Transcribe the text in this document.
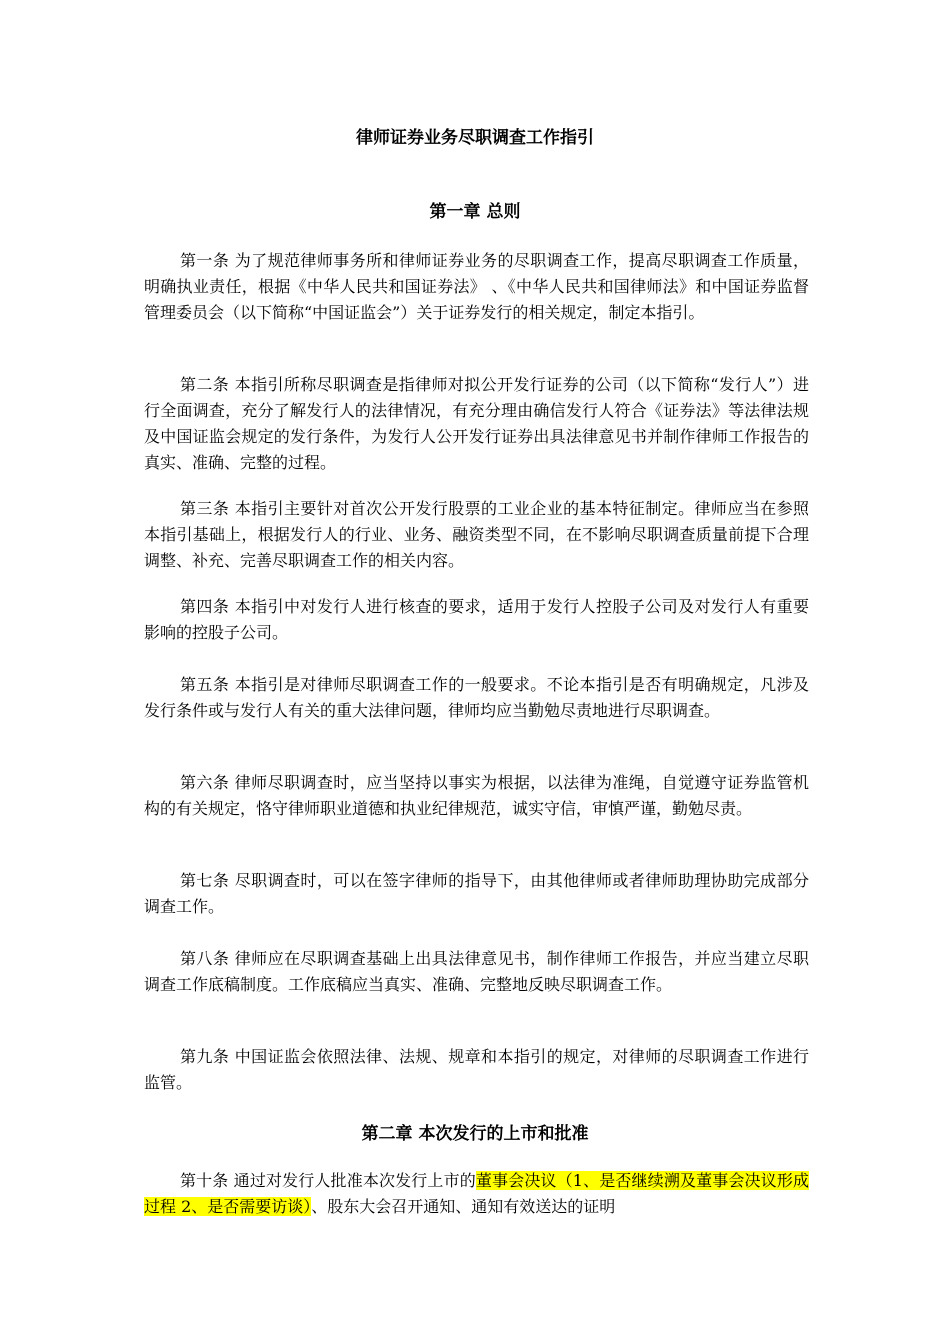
律师证券业务尽职调查工作指引
第一章 总则

第一条 为了规范律师事务所和律师证券业务的尽职调查工作，提高尽职调查工作质量，明确执业责任，根据《中华人民共和国证券法》 、《中华人民共和国律师法》和中国证券监督管理委员会（以下简称“中国证监会”）关于证券发行的相关规定，制定本指引。

第二条 本指引所称尽职调查是指律师对拟公开发行证券的公司（以下简称“发行人”）进行全面调查，充分了解发行人的法律情况，有充分理由确信发行人符合《证券法》等法律法规及中国证监会规定的发行条件，为发行人公开发行证券出具法律意见书并制作律师工作报告的真实、准确、完整的过程。

第三条 本指引主要针对首次公开发行股票的工业企业的基本特征制定。律师应当在参照本指引基础上，根据发行人的行业、业务、融资类型不同，在不影响尽职调查质量前提下合理调整、补充、完善尽职调查工作的相关内容。

第四条 本指引中对发行人进行核查的要求，适用于发行人控股子公司及对发行人有重要影响的控股子公司。

第五条 本指引是对律师尽职调查工作的一般要求。不论本指引是否有明确规定，凡涉及发行条件或与发行人有关的重大法律问题，律师均应当勤勉尽责地进行尽职调查。

第六条 律师尽职调查时，应当坚持以事实为根据，以法律为准绳，自觉遵守证券监管机构的有关规定，恪守律师职业道德和执业纪律规范，诚实守信，审慎严谨，勤勉尽责。

第七条 尽职调查时，可以在签字律师的指导下，由其他律师或者律师助理协助完成部分调查工作。

第八条 律师应在尽职调查基础上出具法律意见书，制作律师工作报告，并应当建立尽职调查工作底稿制度。工作底稿应当真实、准确、完整地反映尽职调查工作。

第九条 中国证监会依照法律、法规、规章和本指引的规定，对律师的尽职调查工作进行监管。

第二章 本次发行的上市和批准

第十条 通过对发行人批准本次发行上市的董事会决议（1、是否继续溯及董事会决议形成过程 2、是否需要访谈）、股东大会召开通知、通知有效送达的证明
